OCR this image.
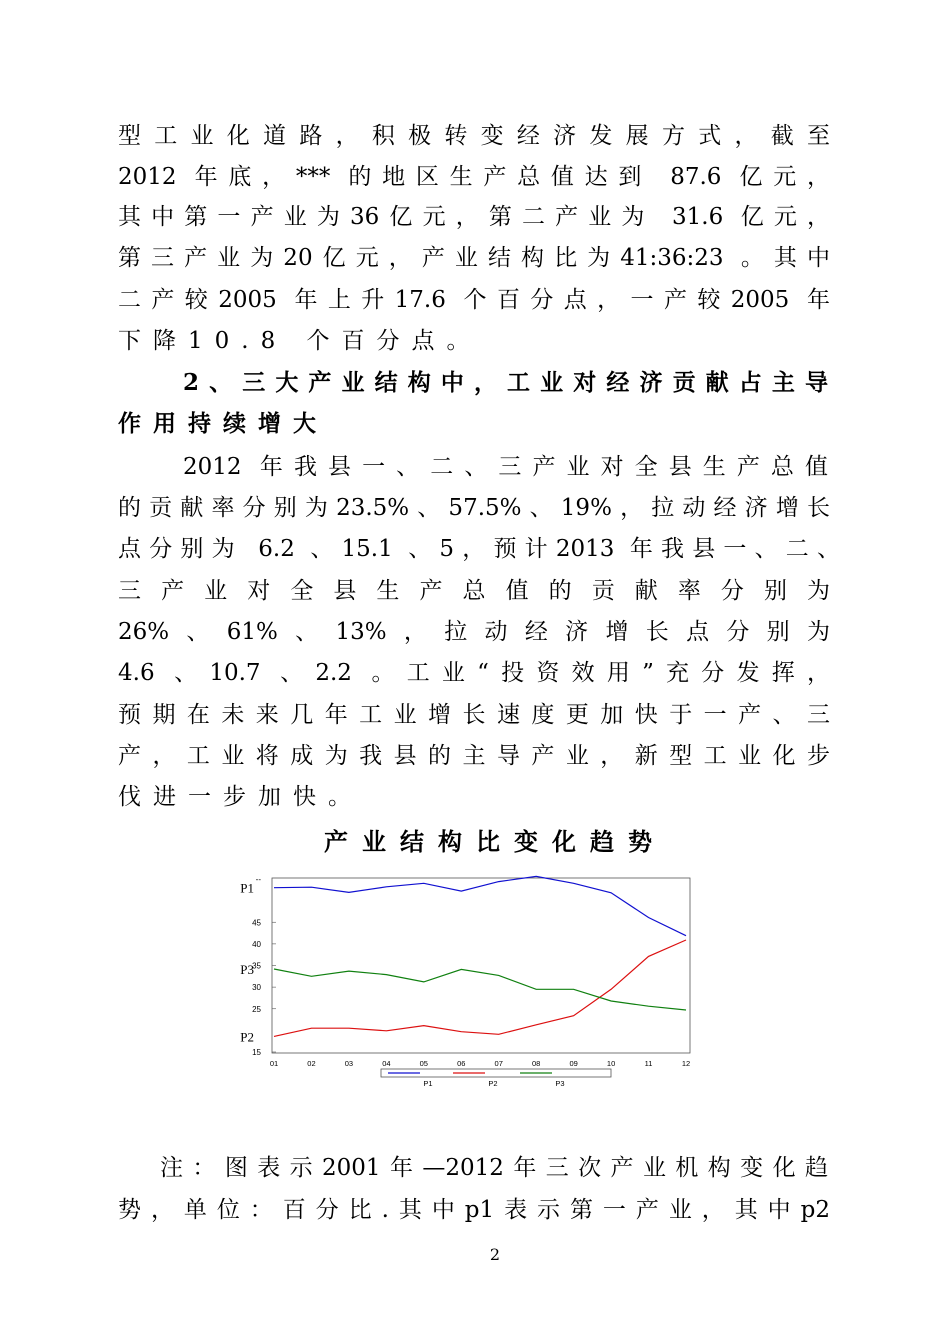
型工业化道路，积极转变经济发展方式，截至
2012 年底，*** 的地区生产总值达到 87.6 亿元，
其中第一产业为36亿元，第二产业为 31.6 亿元，
第三产业为20亿元，产业结构比为41:36:23 。其中
二产较2005 年上升17.6 个百分点，一产较2005 年
下降10.8 个百分点。
2、三大产业结构中，工业对经济贡献占主导
作用持续增大
2012 年我县一、二、三产业对全县生产总值
的贡献率分别为23.5%、57.5%、19%，拉动经济增长
点分别为 6.2 、15.1 、5，预计2013 年我县一、二、
三产业对全县生产总值的贡献率分别为
26%、61%、13%，拉动经济增长点分别为
4.6 、10.7 、2.2 。工业“投资效用”充分发挥，
预期在未来几年工业增长速度更加快于一产、三
产，工业将成为我县的主导产业，新型工业化步
伐进一步加快。
产业结构比变化趋势
15
25
30
35
40
45
--
01	02	03	04	05	06	07	08	09	10	11	12
P1
P3
P2
P1	P2	P3
注：图表示2001年—2012年三次产业机构变化趋
势，单位：百分比.其中p1表示第一产业，其中p2
2
